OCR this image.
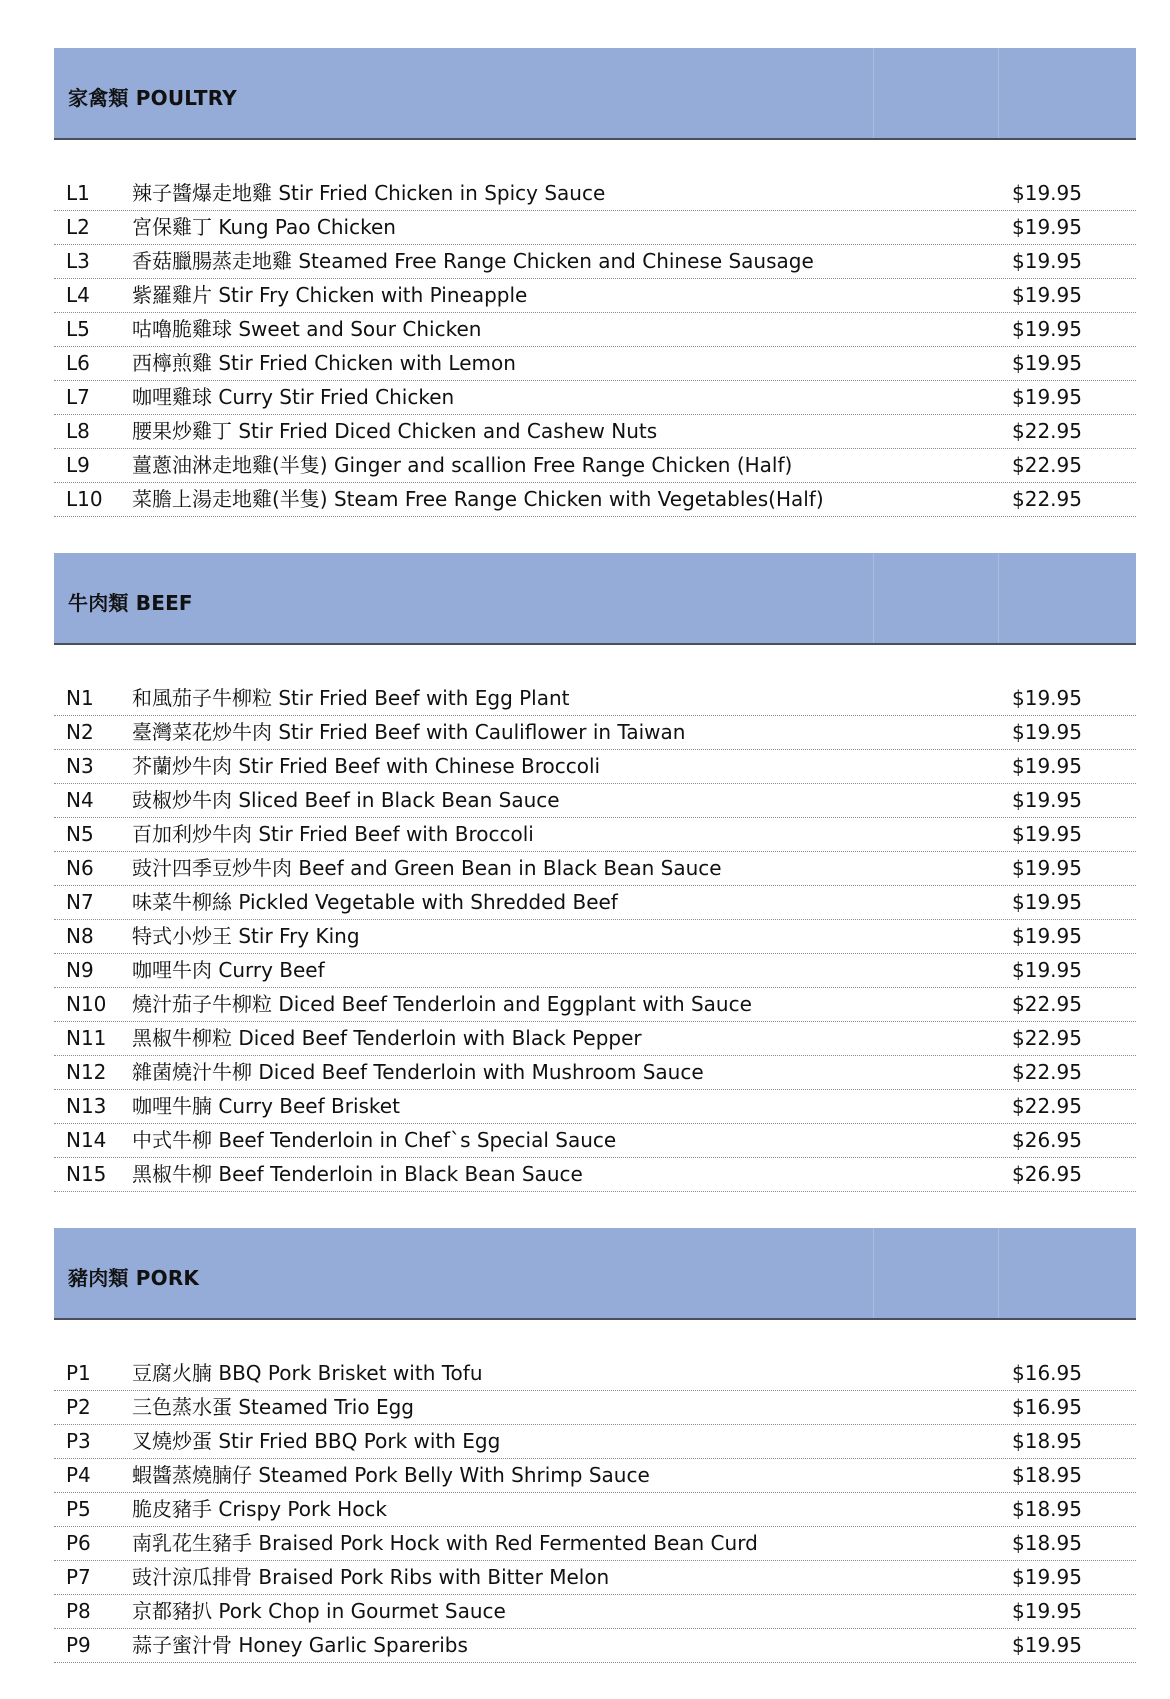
家禽類 POULTRY
L1	辣子醬爆走地雞 Stir Fried Chicken in Spicy Sauce	$19.95
L2	宮保雞丁 Kung Pao Chicken	$19.95
L3	香菇臘腸蒸走地雞 Steamed Free Range Chicken and Chinese Sausage	$19.95
L4	紫羅雞片 Stir Fry Chicken with Pineapple	$19.95
L5	咕嚕脆雞球 Sweet and Sour Chicken	$19.95
L6	西檸煎雞 Stir Fried Chicken with Lemon	$19.95
L7	咖哩雞球 Curry Stir Fried Chicken	$19.95
L8	腰果炒雞丁 Stir Fried Diced Chicken and Cashew Nuts	$22.95
L9	薑蔥油淋走地雞(半隻) Ginger and scallion Free Range Chicken (Half)	$22.95
L10	菜膽上湯走地雞(半隻) Steam Free Range Chicken with Vegetables(Half)	$22.95
牛肉類 BEEF
N1	和風茄子牛柳粒 Stir Fried Beef with Egg Plant	$19.95
N2	臺灣菜花炒牛肉 Stir Fried Beef with Cauliflower in Taiwan	$19.95
N3	芥蘭炒牛肉 Stir Fried Beef with Chinese Broccoli	$19.95
N4	豉椒炒牛肉 Sliced Beef in Black Bean Sauce	$19.95
N5	百加利炒牛肉 Stir Fried Beef with Broccoli	$19.95
N6	豉汁四季豆炒牛肉 Beef and Green Bean in Black Bean Sauce	$19.95
N7	味菜牛柳絲 Pickled Vegetable with Shredded Beef	$19.95
N8	特式小炒王 Stir Fry King	$19.95
N9	咖哩牛肉 Curry Beef	$19.95
N10	燒汁茄子牛柳粒 Diced Beef Tenderloin and Eggplant with Sauce	$22.95
N11	黑椒牛柳粒 Diced Beef Tenderloin with Black Pepper	$22.95
N12	雜菌燒汁牛柳 Diced Beef Tenderloin with Mushroom Sauce	$22.95
N13	咖哩牛腩 Curry Beef Brisket	$22.95
N14	中式牛柳 Beef Tenderloin in Chef`s Special Sauce	$26.95
N15	黑椒牛柳 Beef Tenderloin in Black Bean Sauce	$26.95
豬肉類 PORK
P1	豆腐火腩 BBQ Pork Brisket with Tofu	$16.95
P2	三色蒸水蛋 Steamed Trio Egg	$16.95
P3	叉燒炒蛋 Stir Fried BBQ Pork with Egg	$18.95
P4	蝦醬蒸燒腩仔 Steamed Pork Belly With Shrimp Sauce	$18.95
P5	脆皮豬手 Crispy Pork Hock	$18.95
P6	南乳花生豬手 Braised Pork Hock with Red Fermented Bean Curd	$18.95
P7	豉汁涼瓜排骨 Braised Pork Ribs with Bitter Melon	$19.95
P8	京都豬扒 Pork Chop in Gourmet Sauce	$19.95
P9	蒜子蜜汁骨 Honey Garlic Spareribs	$19.95
